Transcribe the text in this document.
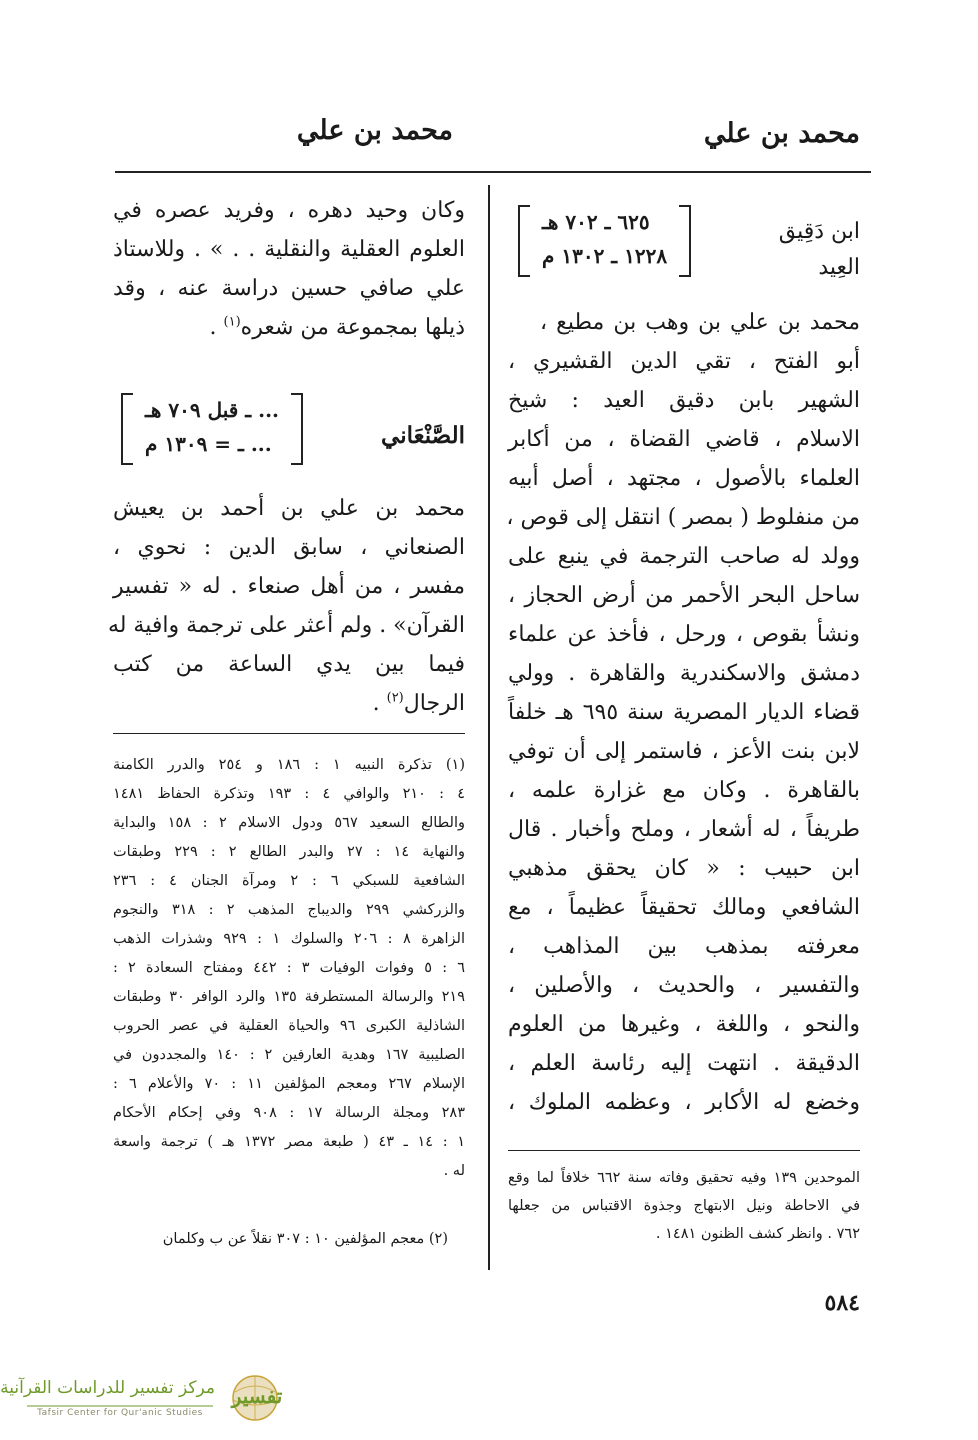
محمد بن علي
محمد بن علي
ابن دَقِيق
العِيد
٦٢٥ ـ ٧٠٢ هـ
١٢٢٨ ـ ١٣٠٢ م
محمد بن علي بن وهب بن مطيع ،
أبو الفتح ، تقي الدين القشيري ،
الشهير بابن دقيق العيد : شيخ
الاسلام ، قاضي القضاة ، من أكابر
العلماء بالأصول ، مجتهد ، أصل أبيه
من منفلوط ( بمصر ) انتقل إلى قوص ،
وولد له صاحب الترجمة في ينبع على
ساحل البحر الأحمر من أرض الحجاز ،
ونشأ بقوص ، ورحل ، فأخذ عن علماء
دمشق والاسكندرية والقاهرة . وولي
قضاء الديار المصرية سنة ٦٩٥ هـ خلفاً
لابن بنت الأعز ، فاستمر إلى أن توفي
بالقاهرة . وكان مع غزارة علمه ،
طريفاً ، له أشعار ، وملح وأخبار . قال
ابن حبيب : « كان يحقق مذهبي
الشافعي ومالك تحقيقاً عظيماً ، مع
معرفته بمذهب بين المذاهب ،
والتفسير ، والحديث ، والأصلين ،
والنحو ، واللغة ، وغيرها من العلوم
الدقيقة . انتهت إليه رئاسة العلم ،
وخضع له الأكابر ، وعظمه الملوك ،
الموحدين ١٣٩ وفيه تحقيق وفاته سنة ٦٦٢ خلافاً لما وقع
في الاحاطة ونيل الابتهاج وجذوة الاقتباس من جعلها
٧٦٢ . وانظر كشف الظنون ١٤٨١ .
وكان وحيد دهره ، وفريد عصره في
العلوم العقلية والنقلية . . » . وللاستاذ
علي صافي حسين دراسة عنه ، وقد
ذيلها بمجموعة من شعره$^{(١)}$ .
الصَّنْعَاني
... ـ قبل ٧٠٩ هـ
... ـ = ١٣٠٩ م
محمد بن علي بن أحمد بن يعيش
الصنعاني ، سابق الدين : نحوي ،
مفسر ، من أهل صنعاء . له « تفسير
القرآن» . ولم أعثر على ترجمة وافية له
فيما بين يدي الساعة من كتب
الرجال$^{(٢)}$ .
(١) تذكرة النبيه ١ : ١٨٦ و ٢٥٤ والدرر الكامنة
٤ : ٢١٠ والوافي ٤ : ١٩٣ وتذكرة الحفاظ ١٤٨١
والطالع السعيد ٥٦٧ ودول الاسلام ٢ : ١٥٨ والبداية
والنهاية ١٤ : ٢٧ والبدر الطالع ٢ : ٢٢٩ وطبقات
الشافعية للسبكي ٦ : ٢ ومرآة الجنان ٤ : ٢٣٦
والزركشي ٢٩٩ والديباج المذهب ٢ : ٣١٨ والنجوم
الزاهرة ٨ : ٢٠٦ والسلوك ١ : ٩٢٩ وشذرات الذهب
٦ : ٥ وفوات الوفيات ٣ : ٤٤٢ ومفتاح السعادة ٢ :
٢١٩ والرسالة المستطرفة ١٣٥ والرد الوافر ٣٠ وطبقات
الشاذلية الكبرى ٩٦ والحياة العقلية في عصر الحروب
الصليبية ١٦٧ وهدية العارفين ٢ : ١٤٠ والمجددون في
الإسلام ٢٦٧ ومعجم المؤلفين ١١ : ٧٠ والأعلام ٦ :
٢٨٣ ومجلة الرسالة ١٧ : ٩٠٨ وفي إحكام الأحكام
١ : ١٤ ـ ٤٣ ( طبعة مصر ١٣٧٢ هـ ) ترجمة واسعة
له .
(٢) معجم المؤلفين ١٠ : ٣٠٧ نقلاً عن ب وكلمان
٥٨٤
تفسير
مركز تفسير للدراسات القرآنية
Tafsir Center for Qur'anic Studies
